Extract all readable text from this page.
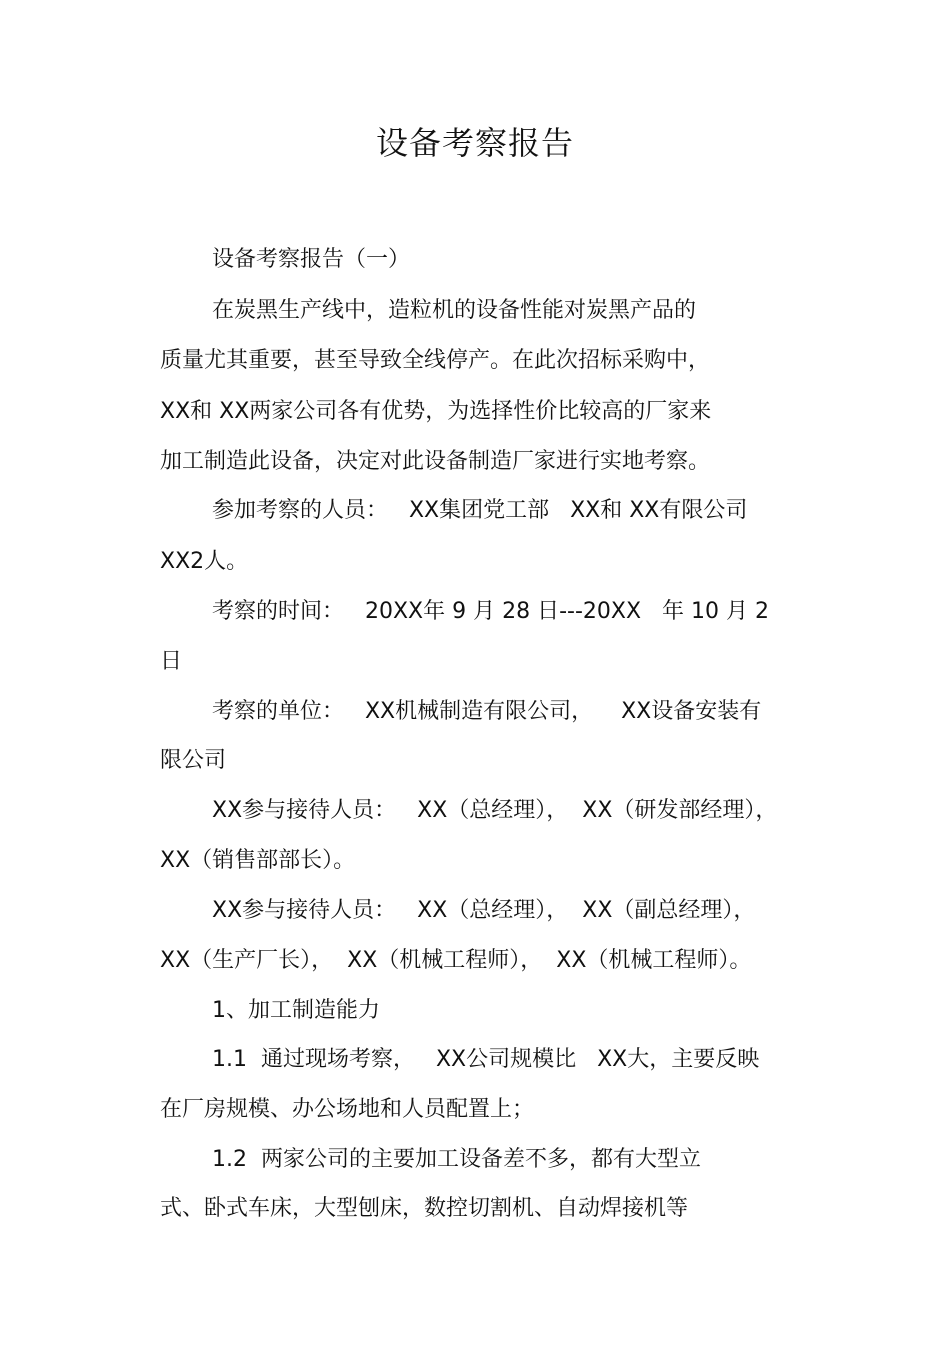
设备考察报告
设备考察报告（一）
在炭黑生产线中，造粒机的设备性能对炭黑产品的
质量尤其重要，甚至导致全线停产。在此次招标采购中，
XX和 XX两家公司各有优势，为选择性价比较高的厂家来
加工制造此设备，决定对此设备制造厂家进行实地考察。
参加考察的人员：   XX集团党工部   XX和 XX有限公司
XX2人。
考察的时间：   20XX年 9 月 28 日---20XX   年 10 月 2
日
考察的单位：   XX机械制造有限公司，    XX设备安装有
限公司
XX参与接待人员：   XX（总经理），  XX（研发部经理），
XX（销售部部长）。
XX参与接待人员：   XX（总经理），  XX（副总经理），
XX（生产厂长），  XX（机械工程师），  XX（机械工程师）。
1、加工制造能力
1.1  通过现场考察，   XX公司规模比   XX大，主要反映
在厂房规模、办公场地和人员配置上；
1.2  两家公司的主要加工设备差不多，都有大型立
式、卧式车床，大型刨床，数控切割机、自动焊接机等
